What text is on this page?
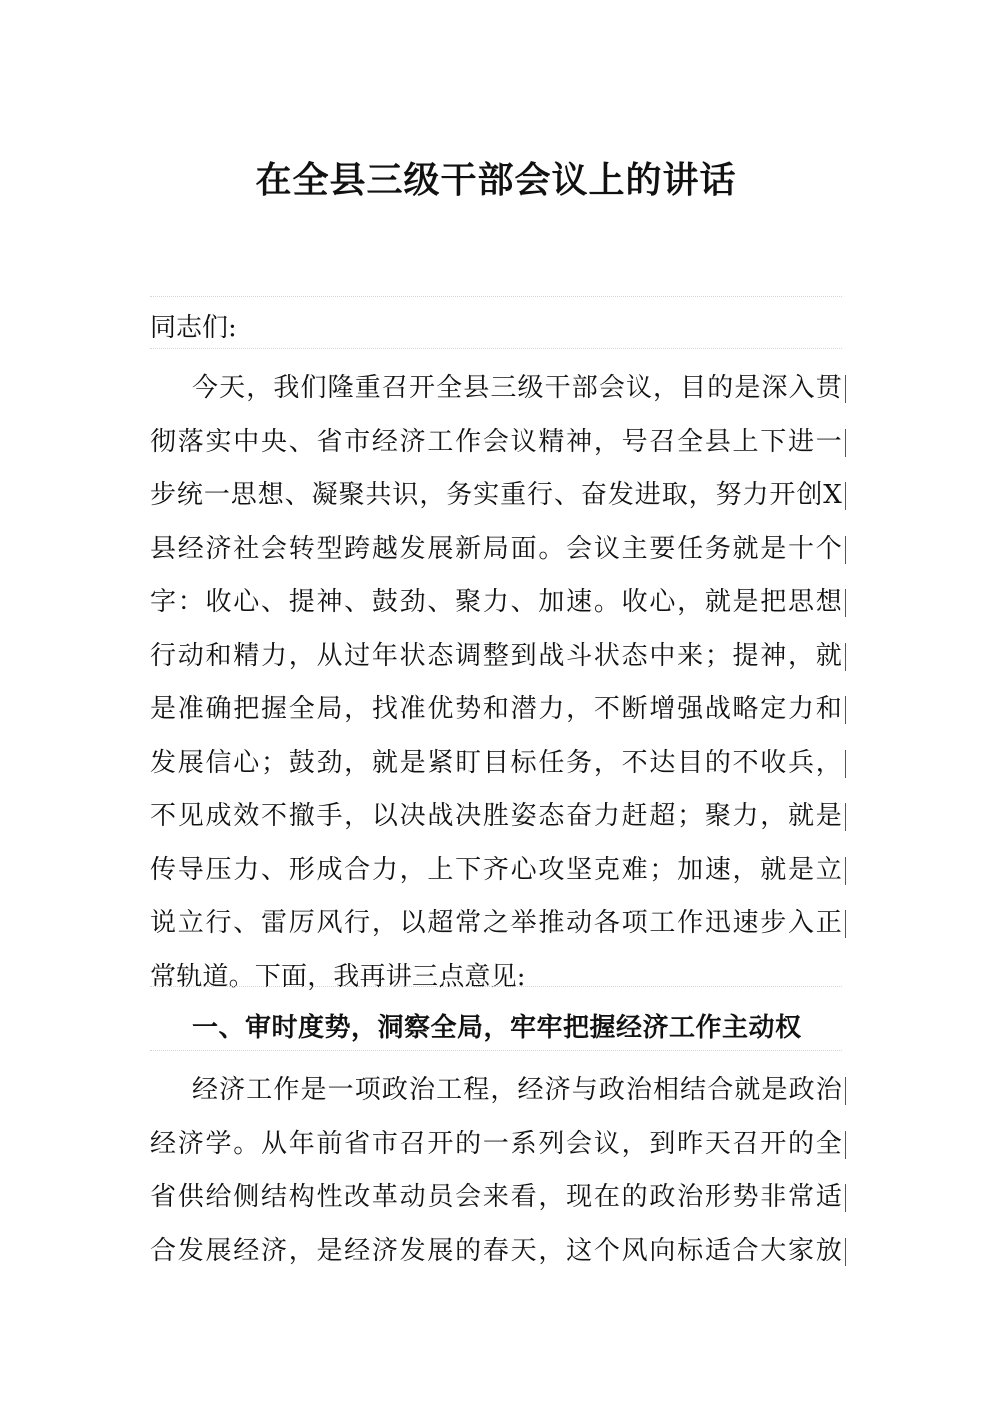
在全县三级干部会议上的讲话
同志们:
今天，我们隆重召开全县三级干部会议，目的是深入贯
彻落实中央、省市经济工作会议精神，号召全县上下进一
步统一思想、凝聚共识，务实重行、奋发进取，努力开创X
县经济社会转型跨越发展新局面。会议主要任务就是十个
字：收心、提神、鼓劲、聚力、加速。收心，就是把思想
行动和精力，从过年状态调整到战斗状态中来；提神，就
是准确把握全局，找准优势和潜力，不断增强战略定力和
发展信心；鼓劲，就是紧盯目标任务，不达目的不收兵，
不见成效不撤手，以决战决胜姿态奋力赶超；聚力，就是
传导压力、形成合力，上下齐心攻坚克难；加速，就是立
说立行、雷厉风行，以超常之举推动各项工作迅速步入正
常轨道。下面，我再讲三点意见:
一、审时度势，洞察全局，牢牢把握经济工作主动权
经济工作是一项政治工程，经济与政治相结合就是政治
经济学。从年前省市召开的一系列会议，到昨天召开的全
省供给侧结构性改革动员会来看，现在的政治形势非常适
合发展经济，是经济发展的春天，这个风向标适合大家放
